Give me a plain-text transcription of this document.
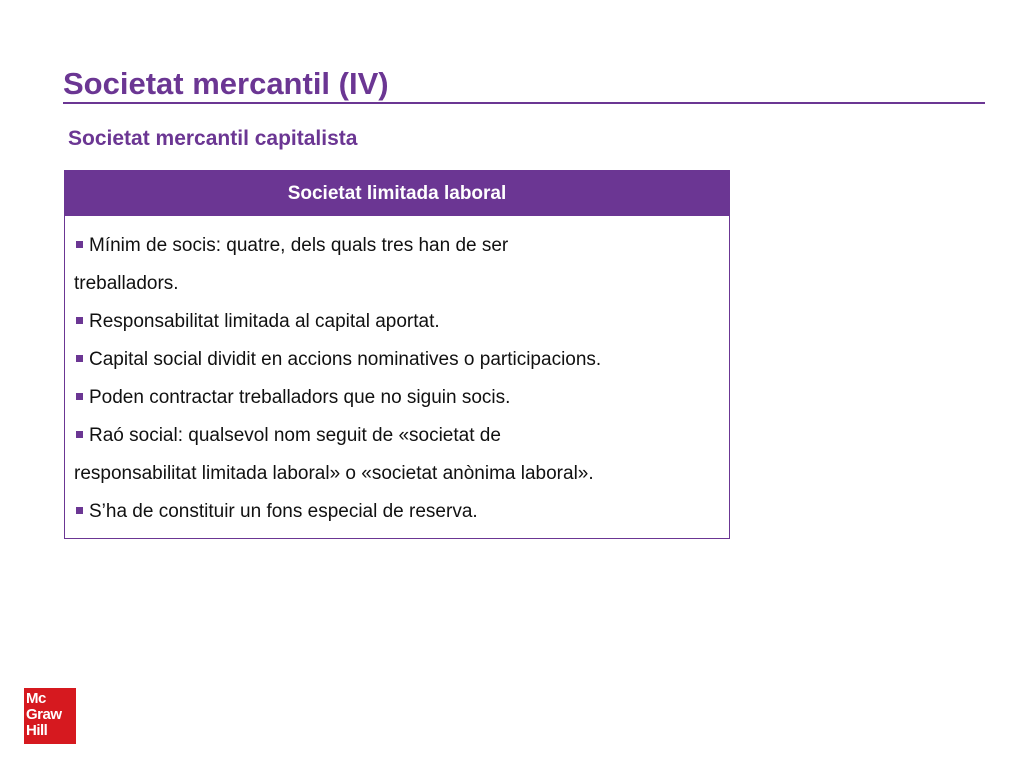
Societat mercantil (IV)
Societat mercantil capitalista
Societat limitada laboral

Mínim de socis: quatre, dels quals tres han de ser
treballadors.

Responsabilitat limitada al capital aportat.

Capital social dividit en accions nominatives o participacions.

Poden contractar treballadors que no siguin socis.

Raó social: qualsevol nom seguit de «societat de
responsabilitat limitada laboral» o «societat anònima laboral».

S’ha de constituir un fons especial de reserva.

Mc
Graw
Hill
